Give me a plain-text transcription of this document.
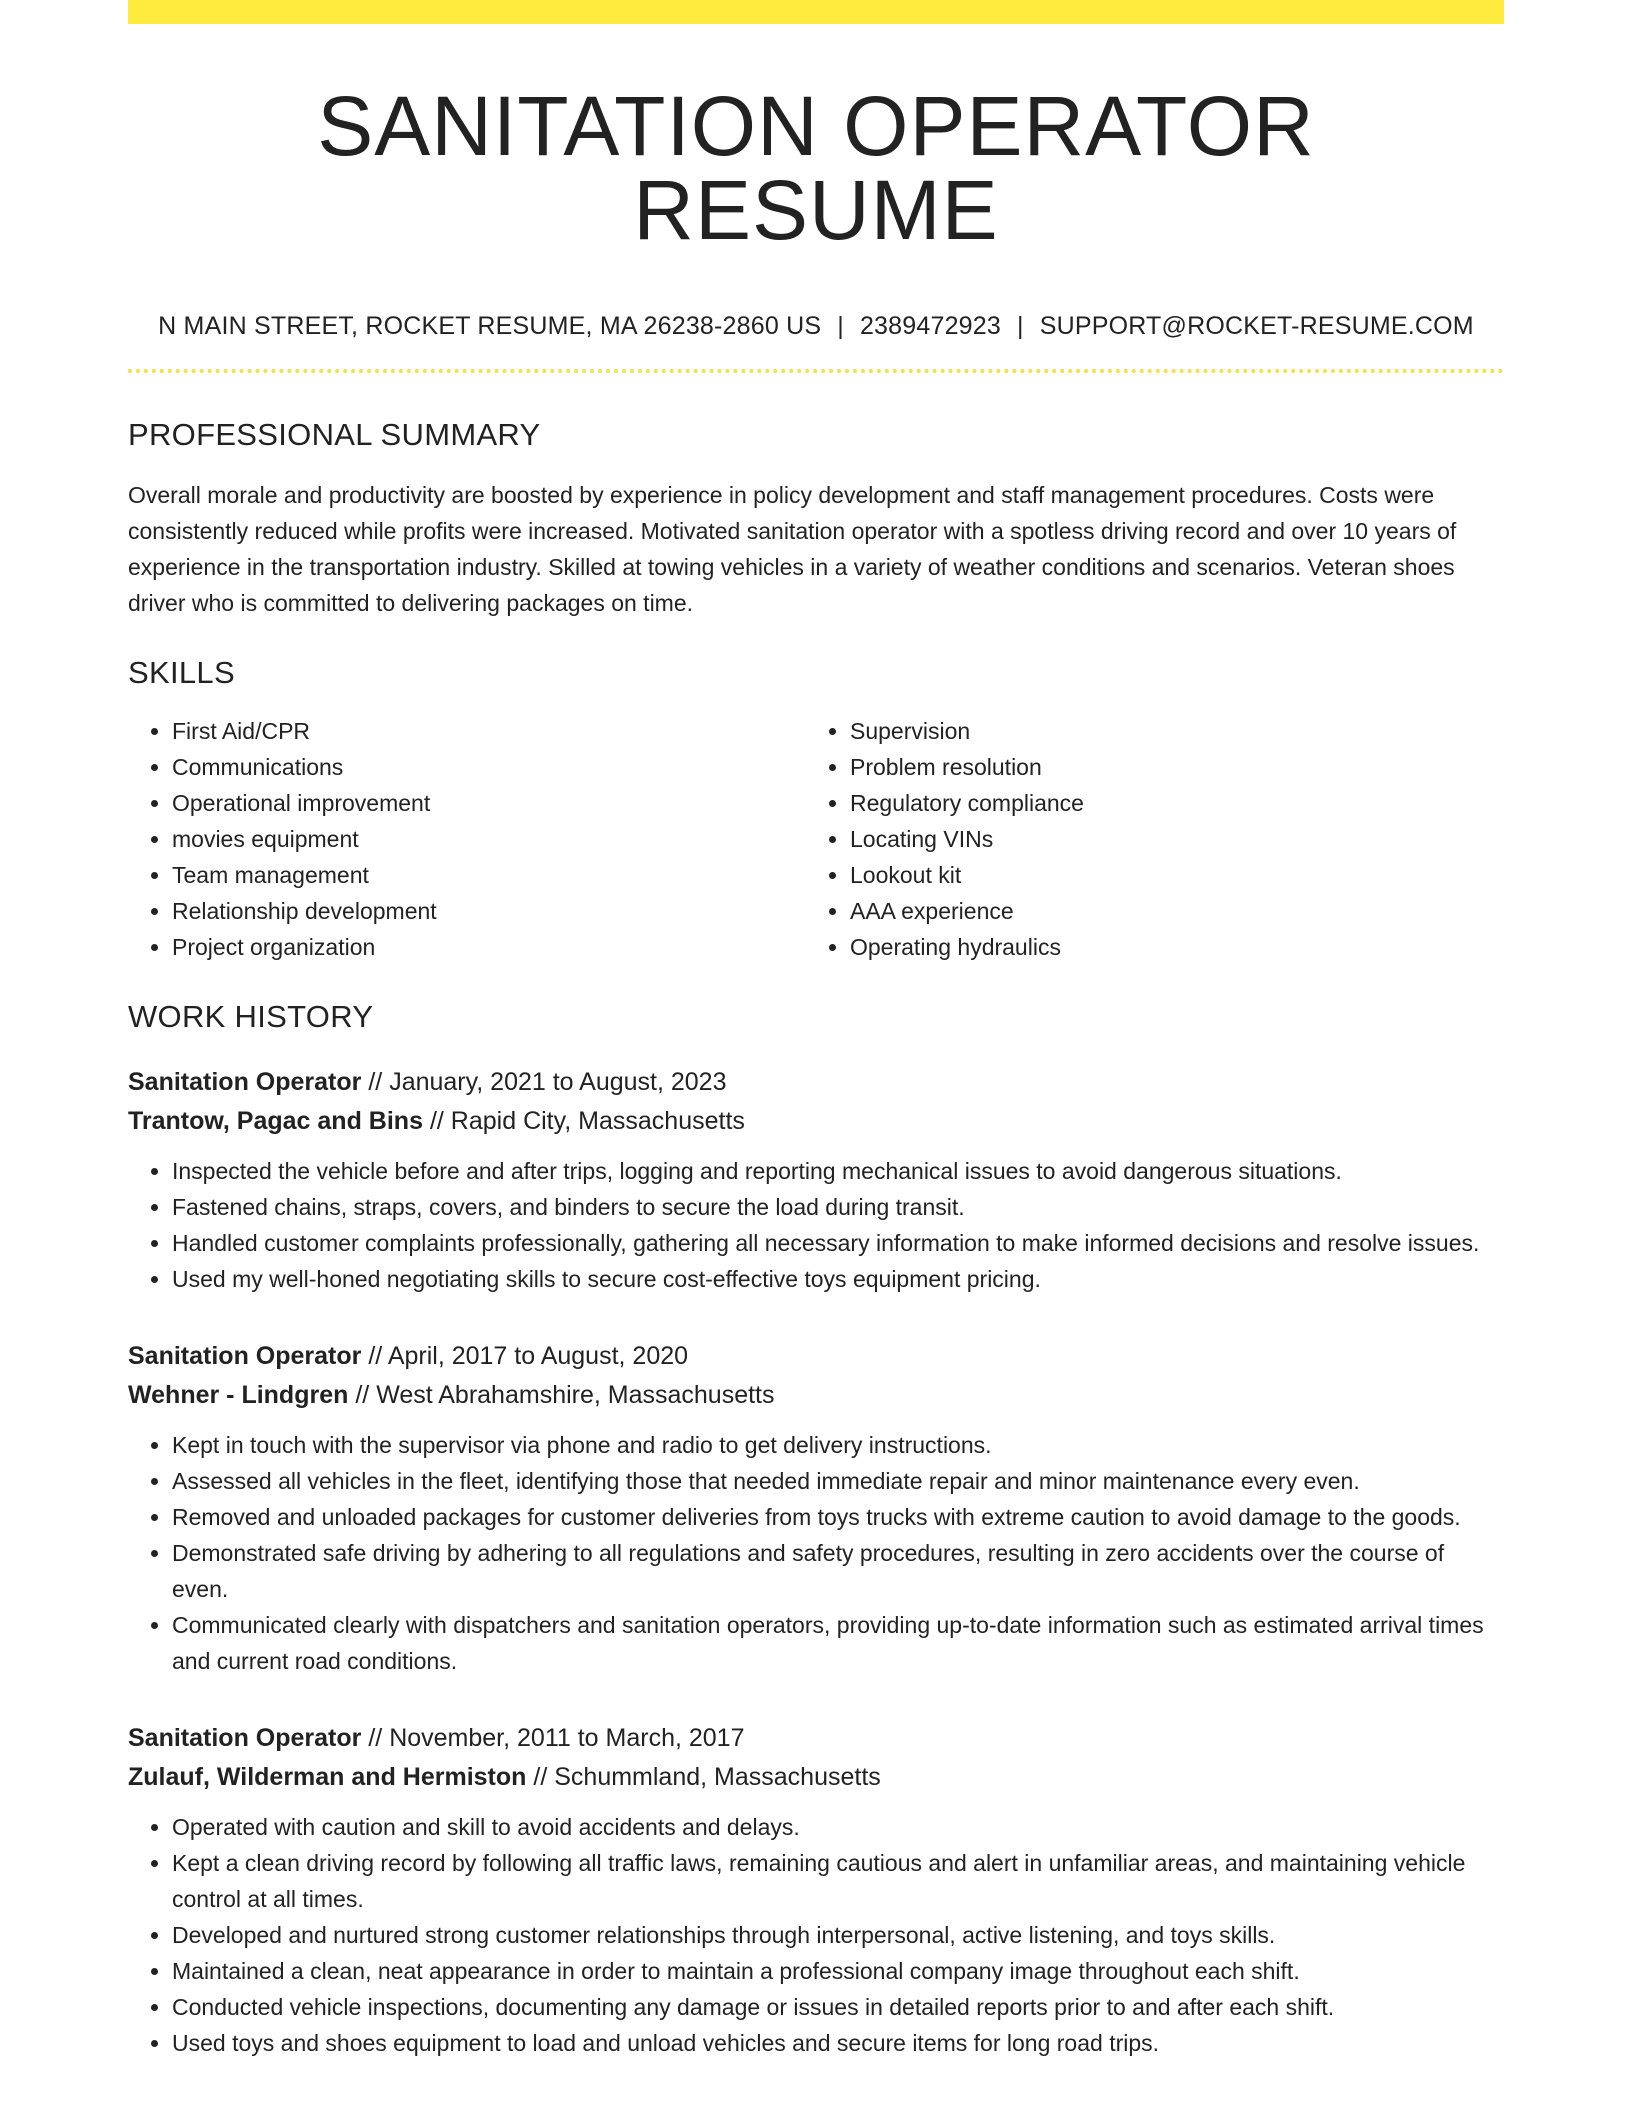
SANITATION OPERATOR RESUME
N MAIN STREET, ROCKET RESUME, MA 26238-2860 US | 2389472923 | SUPPORT@ROCKET-RESUME.COM
PROFESSIONAL SUMMARY
Overall morale and productivity are boosted by experience in policy development and staff management procedures. Costs were consistently reduced while profits were increased. Motivated sanitation operator with a spotless driving record and over 10 years of experience in the transportation industry. Skilled at towing vehicles in a variety of weather conditions and scenarios. Veteran shoes driver who is committed to delivering packages on time.
SKILLS
• First Aid/CPR
• Communications
• Operational improvement
• movies equipment
• Team management
• Relationship development
• Project organization
• Supervision
• Problem resolution
• Regulatory compliance
• Locating VINs
• Lookout kit
• AAA experience
• Operating hydraulics
WORK HISTORY
Sanitation Operator // January, 2021 to August, 2023
Trantow, Pagac and Bins // Rapid City, Massachusetts
• Inspected the vehicle before and after trips, logging and reporting mechanical issues to avoid dangerous situations.
• Fastened chains, straps, covers, and binders to secure the load during transit.
• Handled customer complaints professionally, gathering all necessary information to make informed decisions and resolve issues.
• Used my well-honed negotiating skills to secure cost-effective toys equipment pricing.
Sanitation Operator // April, 2017 to August, 2020
Wehner - Lindgren // West Abrahamshire, Massachusetts
• Kept in touch with the supervisor via phone and radio to get delivery instructions.
• Assessed all vehicles in the fleet, identifying those that needed immediate repair and minor maintenance every even.
• Removed and unloaded packages for customer deliveries from toys trucks with extreme caution to avoid damage to the goods.
• Demonstrated safe driving by adhering to all regulations and safety procedures, resulting in zero accidents over the course of even.
• Communicated clearly with dispatchers and sanitation operators, providing up-to-date information such as estimated arrival times and current road conditions.
Sanitation Operator // November, 2011 to March, 2017
Zulauf, Wilderman and Hermiston // Schummland, Massachusetts
• Operated with caution and skill to avoid accidents and delays.
• Kept a clean driving record by following all traffic laws, remaining cautious and alert in unfamiliar areas, and maintaining vehicle control at all times.
• Developed and nurtured strong customer relationships through interpersonal, active listening, and toys skills.
• Maintained a clean, neat appearance in order to maintain a professional company image throughout each shift.
• Conducted vehicle inspections, documenting any damage or issues in detailed reports prior to and after each shift.
• Used toys and shoes equipment to load and unload vehicles and secure items for long road trips.
